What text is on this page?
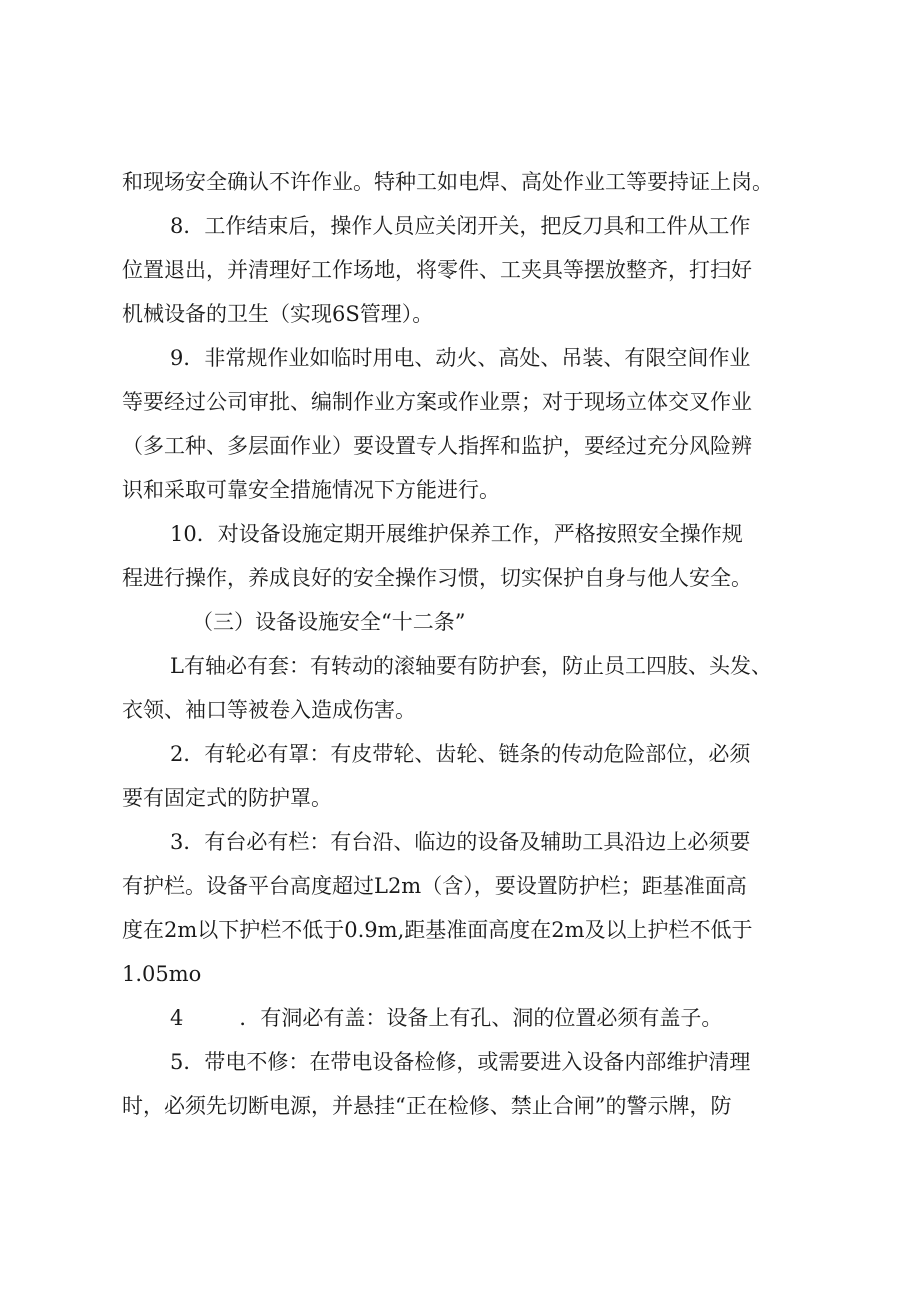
和现场安全确认不许作业。特种工如电焊、高处作业工等要持证上岗。
8．工作结束后，操作人员应关闭开关，把反刀具和工件从工作
位置退出，并清理好工作场地，将零件、工夹具等摆放整齐，打扫好
机械设备的卫生（实现6S管理）。
9．非常规作业如临时用电、动火、高处、吊装、有限空间作业
等要经过公司审批、编制作业方案或作业票；对于现场立体交叉作业
（多工种、多层面作业）要设置专人指挥和监护，要经过充分风险辨
识和采取可靠安全措施情况下方能进行。
10．对设备设施定期开展维护保养工作，严格按照安全操作规
程进行操作，养成良好的安全操作习惯，切实保护自身与他人安全。
（三）设备设施安全“十二条”
L有轴必有套：有转动的滚轴要有防护套，防止员工四肢、头发、
衣领、袖口等被卷入造成伤害。
2．有轮必有罩：有皮带轮、齿轮、链条的传动危险部位，必须
要有固定式的防护罩。
3．有台必有栏：有台沿、临边的设备及辅助工具沿边上必须要
有护栏。设备平台高度超过L2m（含），要设置防护栏；距基准面高
度在2m以下护栏不低于0.9m,距基准面高度在2m及以上护栏不低于
1.05mo
4	．有洞必有盖：设备上有孔、洞的位置必须有盖子。
5．带电不修：在带电设备检修，或需要进入设备内部维护清理
时，必须先切断电源，并悬挂“正在检修、禁止合闸”的警示牌，防
